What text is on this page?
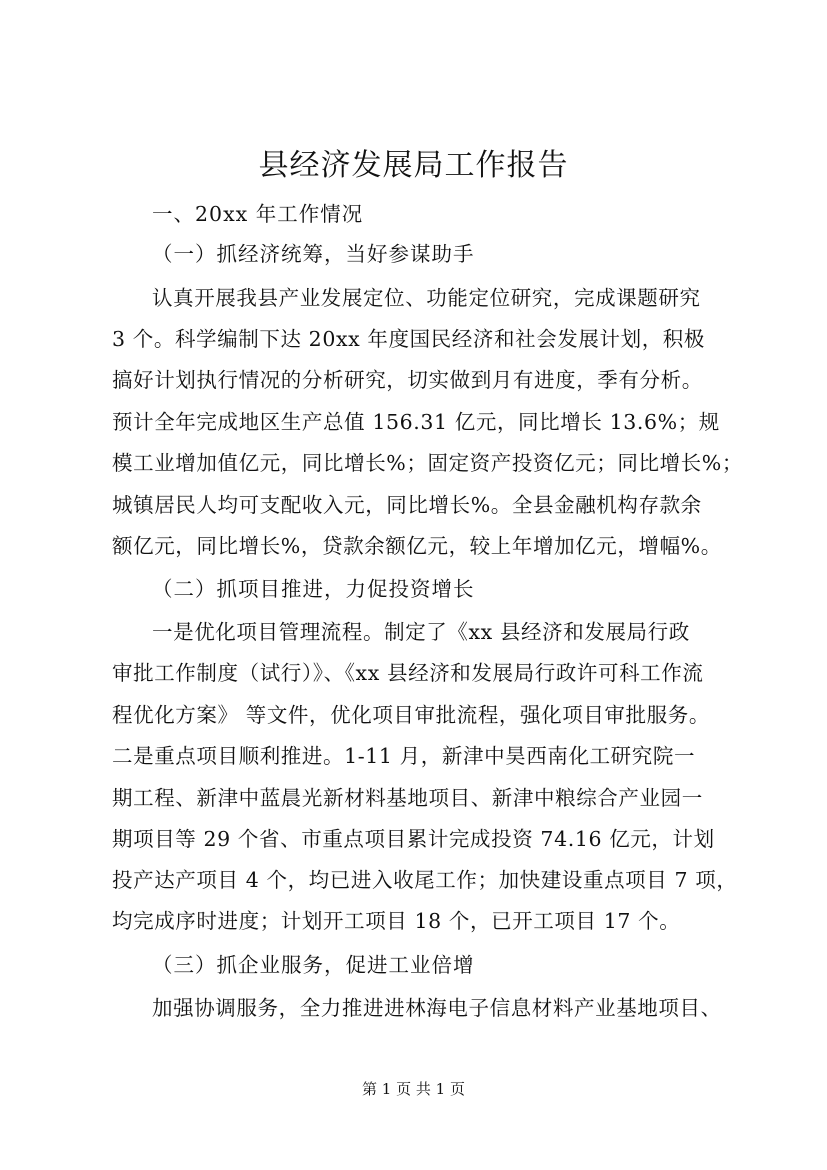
县经济发展局工作报告

一、20xx 年工作情况

（一）抓经济统筹，当好参谋助手

认真开展我县产业发展定位、功能定位研究，完成课题研究

3 个。科学编制下达 20xx 年度国民经济和社会发展计划，积极

搞好计划执行情况的分析研究，切实做到月有进度，季有分析。

预计全年完成地区生产总值 156.31 亿元，同比增长 13.6%；规

模工业增加值亿元，同比增长%；固定资产投资亿元；同比增长%；

城镇居民人均可支配收入元，同比增长%。全县金融机构存款余

额亿元，同比增长%，贷款余额亿元，较上年增加亿元，增幅%。

（二）抓项目推进，力促投资增长

一是优化项目管理流程。制定了《xx 县经济和发展局行政

审批工作制度（试行）》、《xx 县经济和发展局行政许可科工作流

程优化方案》 等文件，优化项目审批流程，强化项目审批服务。

二是重点项目顺利推进。1-11 月，新津中昊西南化工研究院一

期工程、新津中蓝晨光新材料基地项目、新津中粮综合产业园一

期项目等 29 个省、市重点项目累计完成投资 74.16 亿元，计划

投产达产项目 4 个，均已进入收尾工作；加快建设重点项目 7 项，

均完成序时进度；计划开工项目 18 个，已开工项目 17 个。

（三）抓企业服务，促进工业倍增

加强协调服务，全力推进进林海电子信息材料产业基地项目、

第 1 页 共 1 页
